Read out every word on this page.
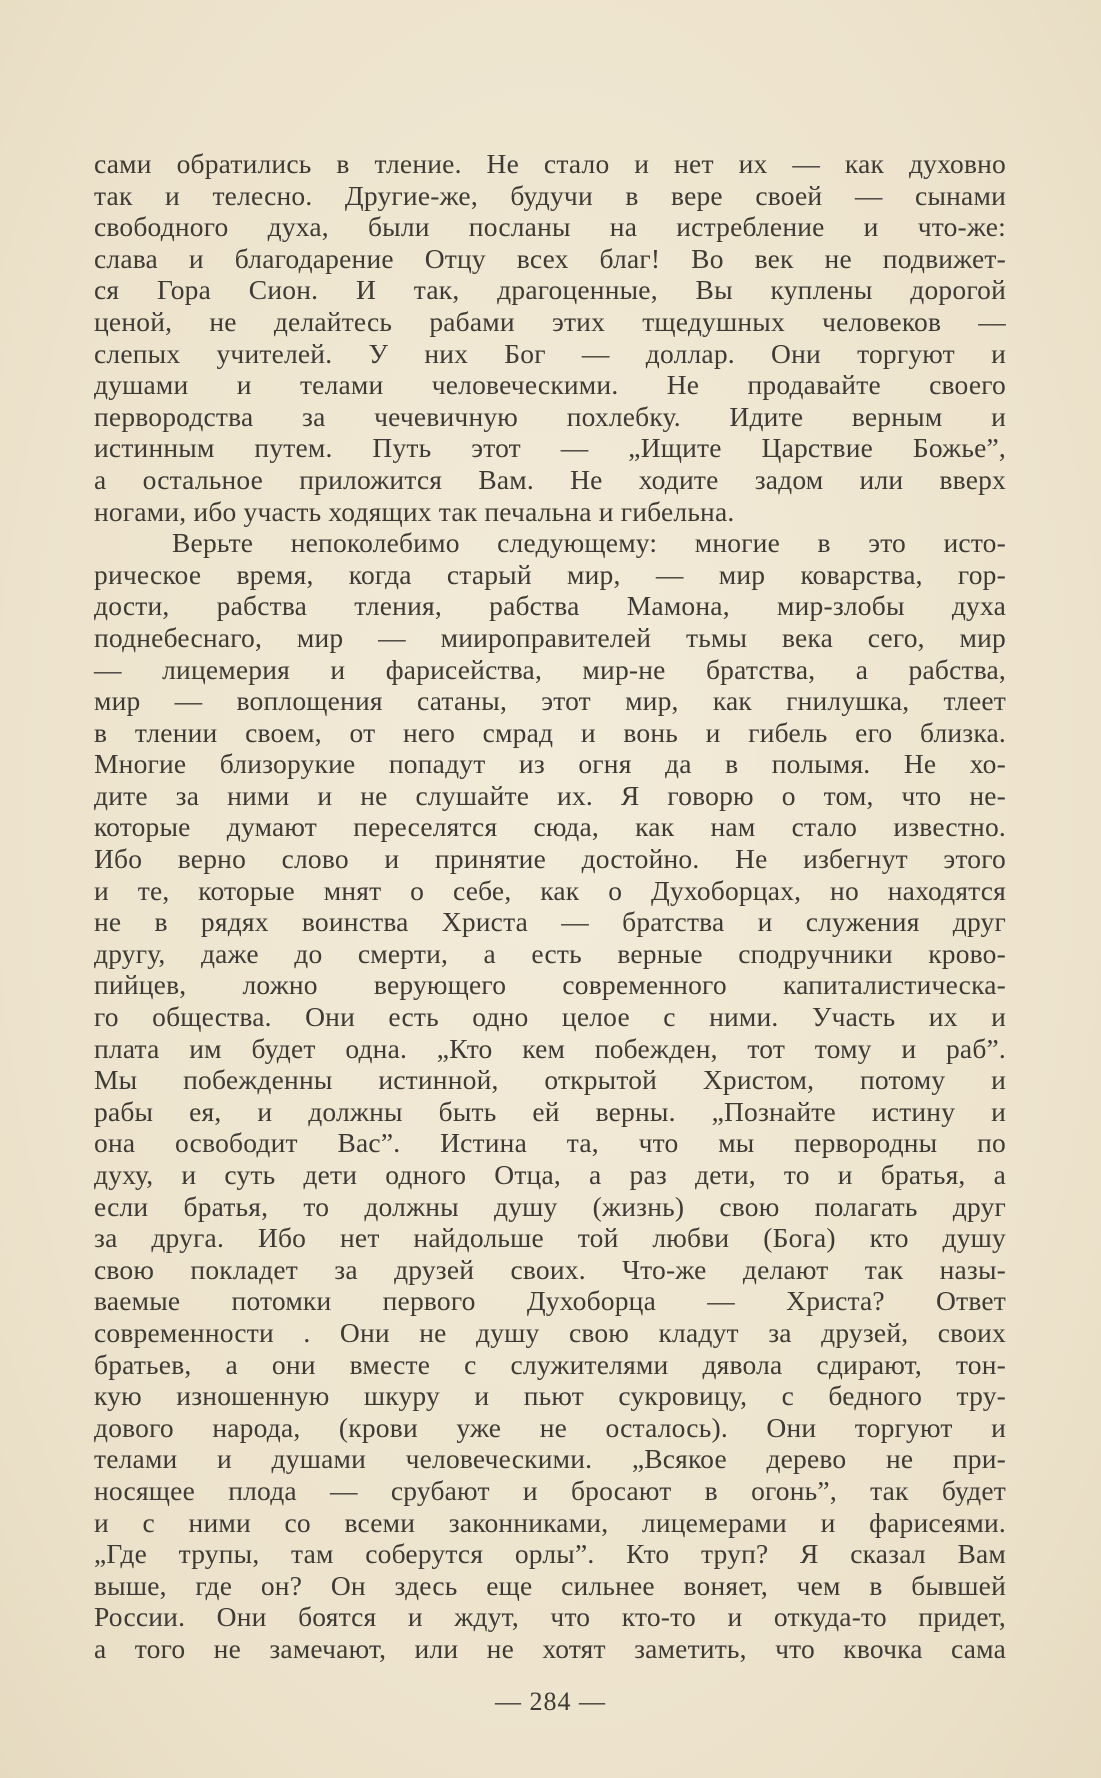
сами обратились в тление. Не стало и нет их — как духовно
так и телесно. Другие-же, будучи в вере своей — сынами
свободного духа, были посланы на истребление и что-же:
слава и благодарение Отцу всех благ! Во век не подвижет-
ся Гора Сион. И так, драгоценные, Вы куплены дорогой
ценой, не делайтесь рабами этих тщедушных человеков —
слепых учителей. У них Бог — доллар. Они торгуют и
душами и телами человеческими. Не продавайте своего
первородства за чечевичную похлебку. Идите верным и
истинным путем. Путь этот — „Ищите Царствие Божье”,
а остальное приложится Вам. Не ходите задом или вверх
ногами, ибо участь ходящих так печальна и гибельна.
Верьте непоколебимо следующему: многие в это исто-
рическое время, когда старый мир, — мир коварства, гор-
дости, рабства тления, рабства Мамона, мир-злобы духа
поднебеснаго, мир — миироправителей тьмы века сего, мир
— лицемерия и фарисейства, мир-не братства, а рабства,
мир — воплощения сатаны, этот мир, как гнилушка, тлеет
в тлении своем, от него смрад и вонь и гибель его близка.
Многие близорукие попадут из огня да в полымя. Не хо-
дите за ними и не слушайте их. Я говорю о том, что не-
которые думают переселятся сюда, как нам стало известно.
Ибо верно слово и принятие достойно. Не избегнут этого
и те, которые мнят о себе, как о Духоборцах, но находятся
не в рядях воинства Христа — братства и служения друг
другу, даже до смерти, а есть верные сподручники крово-
пийцев, ложно верующего современного капиталистическа-
го общества. Они есть одно целое с ними. Участь их и
плата им будет одна. „Кто кем побежден, тот тому и раб”.
Мы побежденны истинной, открытой Христом, потому и
рабы ея, и должны быть ей верны. „Познайте истину и
она освободит Вас”. Истина та, что мы первородны по
духу, и суть дети одного Отца, а раз дети, то и братья, а
если братья, то должны душу (жизнь) свою полагать друг
за друга. Ибо нет найдольше той любви (Бога) кто душу
свою покладет за друзей своих. Что-же делают так назы-
ваемые потомки первого Духоборца — Христа? Ответ
современности . Они не душу свою кладут за друзей, своих
братьев, а они вместе с служителями дявола сдирают, тон-
кую изношенную шкуру и пьют сукровицу, с бедного тру-
дового народа, (крови уже не осталось). Они торгуют и
телами и душами человеческими. „Всякое дерево не при-
носящее плода — срубают и бросают в огонь”, так будет
и с ними со всеми законниками, лицемерами и фарисеями.
„Где трупы, там соберутся орлы”. Кто труп? Я сказал Вам
выше, где он? Он здесь еще сильнее воняет, чем в бывшей
России. Они боятся и ждут, что кто-то и откуда-то придет,
а того не замечают, или не хотят заметить, что квочка сама
— 284 —
